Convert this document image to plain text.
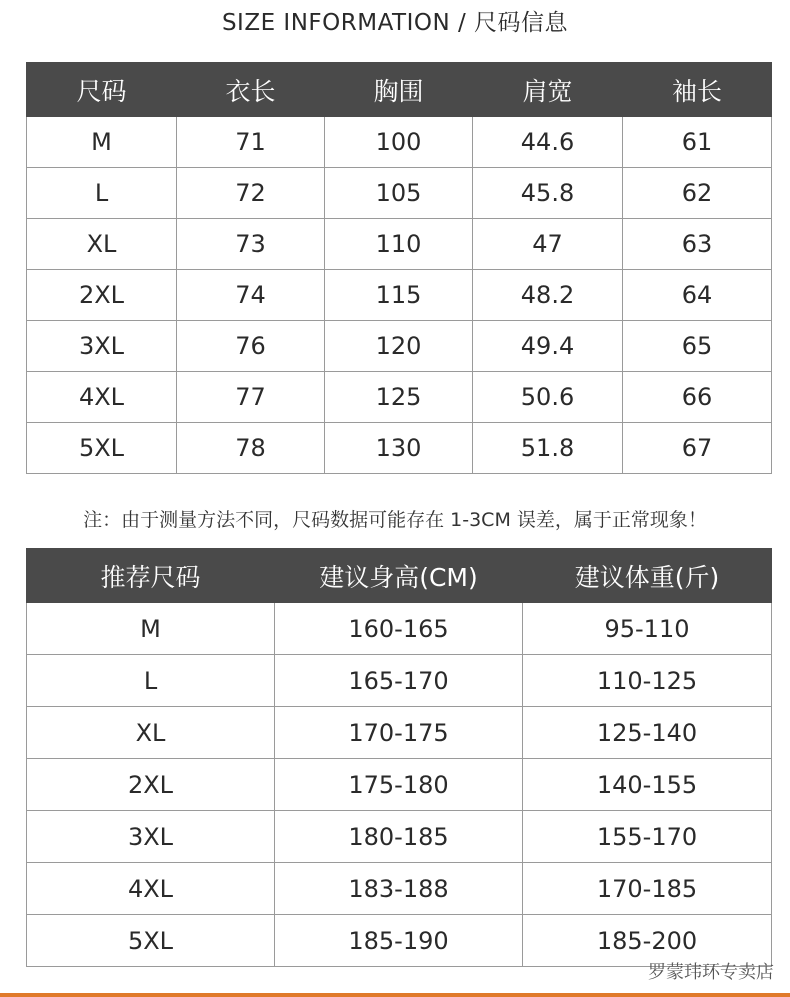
SIZE INFORMATION / 尺码信息
尺码	衣长	胸围	肩宽	袖长
M	71	100	44.6	61
L	72	105	45.8	62
XL	73	110	47	63
2XL	74	115	48.2	64
3XL	76	120	49.4	65
4XL	77	125	50.6	66
5XL	78	130	51.8	67
注：由于测量方法不同，尺码数据可能存在 1-3CM 误差，属于正常现象！
推荐尺码	建议身高(CM)	建议体重(斤)
M	160-165	95-110
L	165-170	110-125
XL	170-175	125-140
2XL	175-180	140-155
3XL	180-185	155-170
4XL	183-188	170-185
5XL	185-190	185-200
罗蒙玮环专卖店
